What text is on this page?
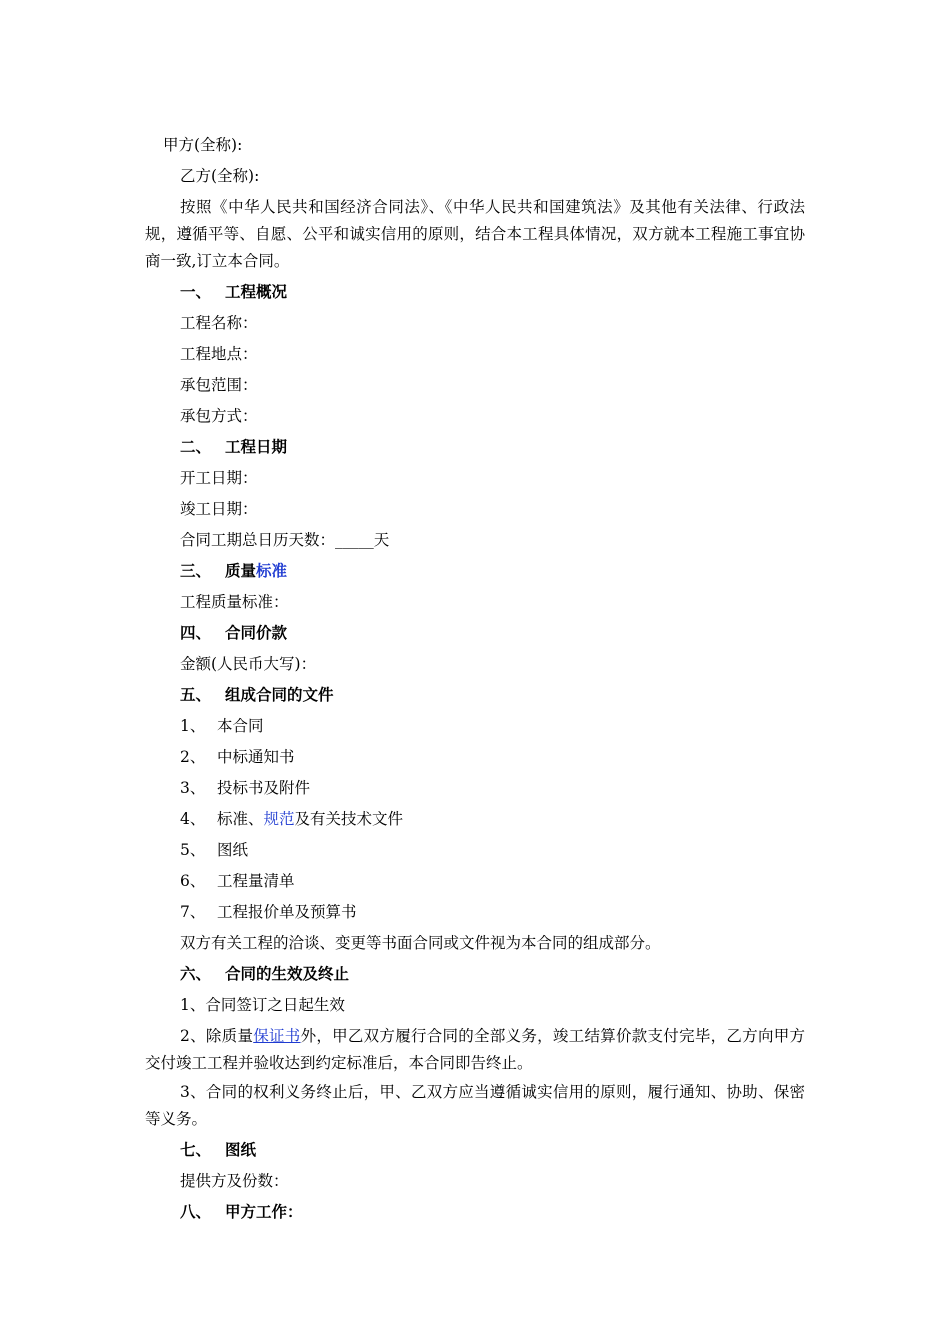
甲方(全称):
乙方(全称):
按照《中华人民共和国经济合同法》、《中华人民共和国建筑法》及其他有关法律、行政法规，遵循平等、自愿、公平和诚实信用的原则，结合本工程具体情况，双方就本工程施工事宜协商一致,订立本合同。
一、 工程概况
工程名称：
工程地点：
承包范围：
承包方式：
二、 工程日期
开工日期：
竣工日期：
合同工期总日历天数：_____天
三、 质量标准
工程质量标准：
四、 合同价款
金额(人民币大写)：
五、 组成合同的文件
1、 本合同
2、 中标通知书
3、 投标书及附件
4、 标准、规范及有关技术文件
5、 图纸
6、 工程量清单
7、 工程报价单及预算书
双方有关工程的洽谈、变更等书面合同或文件视为本合同的组成部分。
六、 合同的生效及终止
1、合同签订之日起生效
2、除质量保证书外，甲乙双方履行合同的全部义务，竣工结算价款支付完毕，乙方向甲方交付竣工工程并验收达到约定标准后，本合同即告终止。
3、合同的权利义务终止后，甲、乙双方应当遵循诚实信用的原则，履行通知、协助、保密等义务。
七、 图纸
提供方及份数：
八、 甲方工作：
